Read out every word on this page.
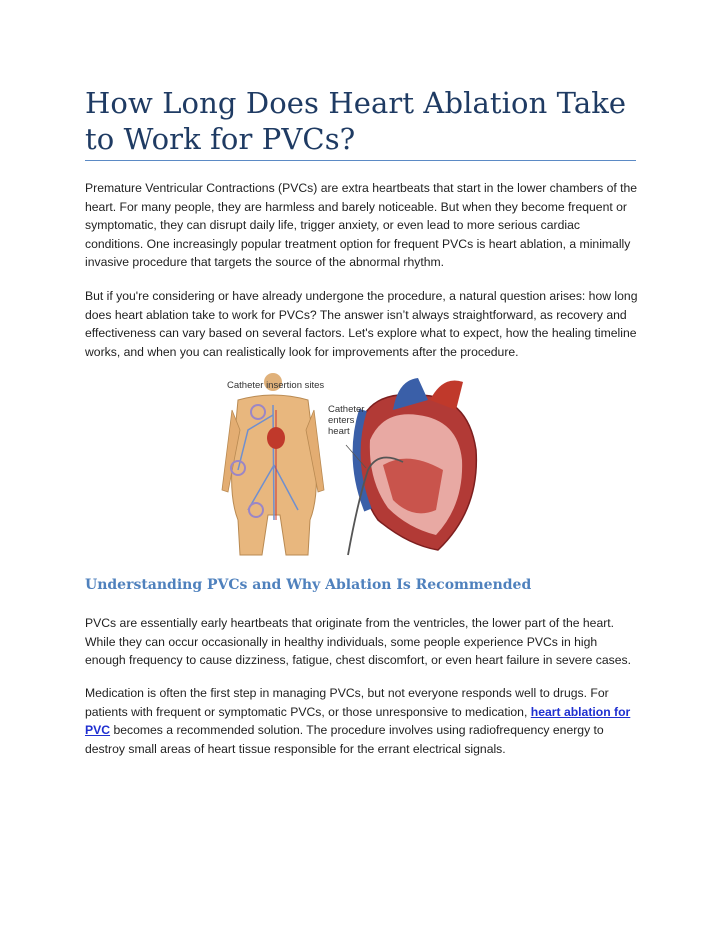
How Long Does Heart Ablation Take to Work for PVCs?

Premature Ventricular Contractions (PVCs) are extra heartbeats that start in the lower chambers of the heart. For many people, they are harmless and barely noticeable. But when they become frequent or symptomatic, they can disrupt daily life, trigger anxiety, or even lead to more serious cardiac conditions. One increasingly popular treatment option for frequent PVCs is heart ablation, a minimally invasive procedure that targets the source of the abnormal rhythm.

But if you're considering or have already undergone the procedure, a natural question arises: how long does heart ablation take to work for PVCs? The answer isn’t always straightforward, as recovery and effectiveness can vary based on several factors. Let's explore what to expect, how the healing timeline works, and when you can realistically look for improvements after the procedure.

Catheter insertion sites
Catheter enters heart
Understanding PVCs and Why Ablation Is Recommended

PVCs are essentially early heartbeats that originate from the ventricles, the lower part of the heart. While they can occur occasionally in healthy individuals, some people experience PVCs in high enough frequency to cause dizziness, fatigue, chest discomfort, or even heart failure in severe cases.

Medication is often the first step in managing PVCs, but not everyone responds well to drugs. For patients with frequent or symptomatic PVCs, or those unresponsive to medication, heart ablation for PVC becomes a recommended solution. The procedure involves using radiofrequency energy to destroy small areas of heart tissue responsible for the errant electrical signals.
